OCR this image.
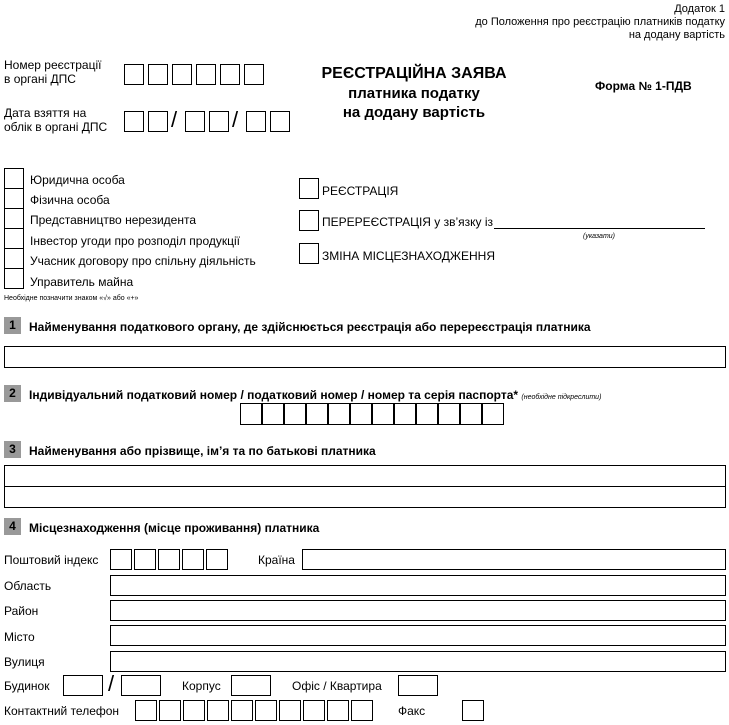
Додаток 1
до Положення про реєстрацію платників податку
на додану вартість
Номер реєстрації
в органі ДПС
Дата взяття на
облік в органі ДПС	/ /
РЕЄСТРАЦІЙНА ЗАЯВА
платника податку
на додану вартість
Форма № 1-ПДВ
Юридична особа
Фізична особа
Представництво нерезидента
Інвестор угоди про розподіл продукції
Учасник договору про спільну діяльність
Управитель майна
Необхідне позначити знаком «√» або «+»
РЕЄСТРАЦІЯ
ПЕРЕРЕЄСТРАЦІЯ у зв’язку із
(указати)
ЗМІНА МІСЦЕЗНАХОДЖЕННЯ
1	Найменування податкового органу, де здійснюється реєстрація або перереєстрація платника
2	Індивідуальний податковий номер / податковий номер / номер та серія паспорта* (необхідне підкреслити)
3	Найменування або прізвище, ім’я та по батькові платника
4	Місцезнаходження (місце проживання) платника
Поштовий індекс	Країна
Область
Район
Місто
Вулиця
Будинок	/	Корпус	Офіс / Квартира
Контактний телефон	Факс
